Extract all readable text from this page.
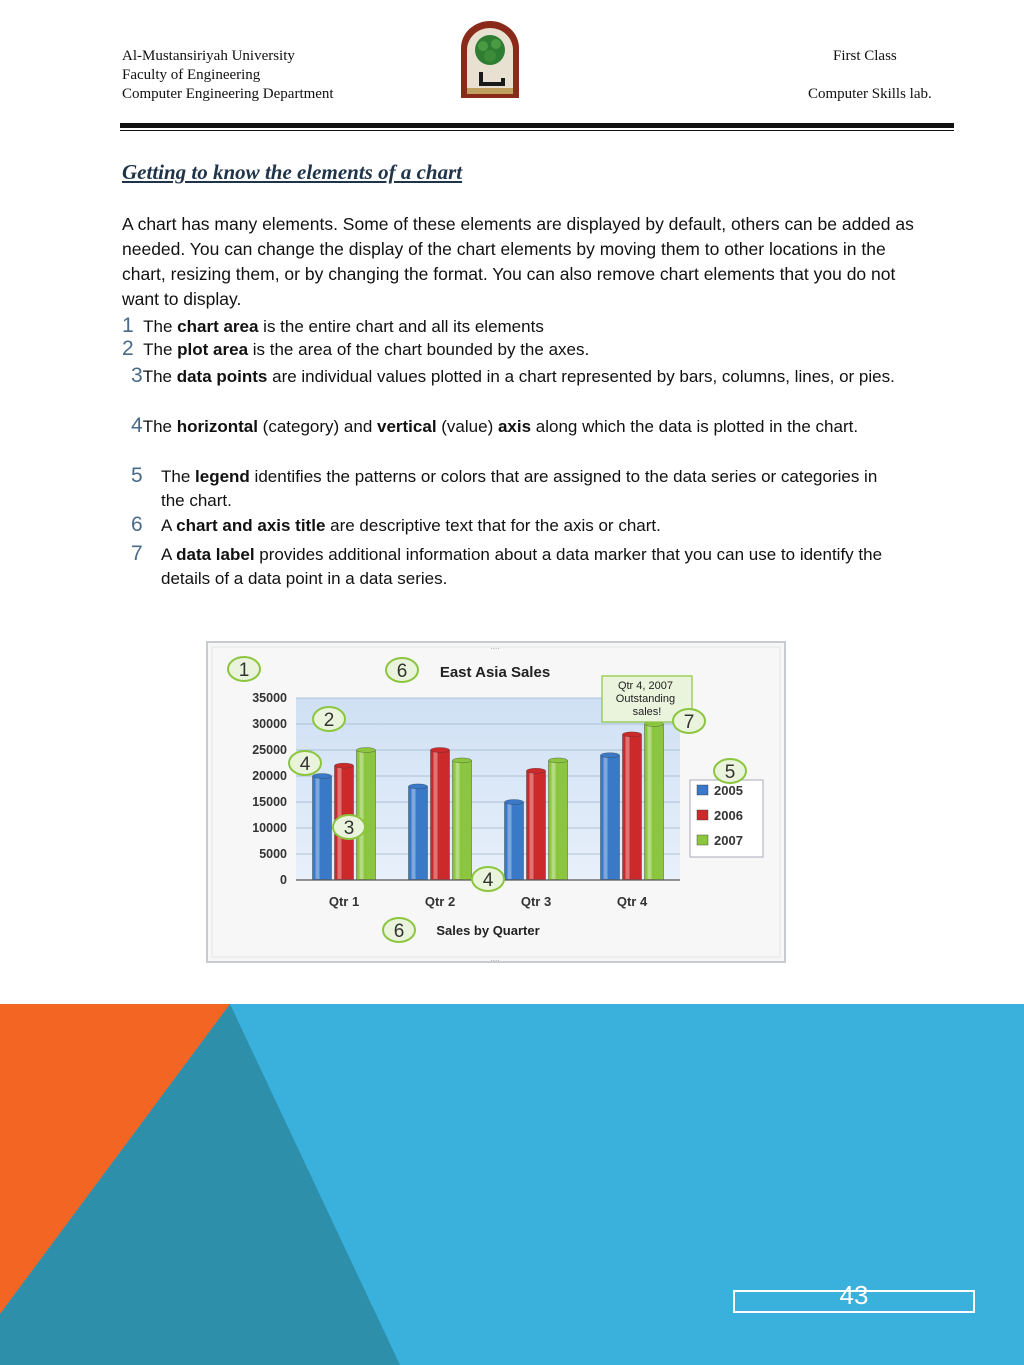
Al-Mustansiriyah University
Faculty of Engineering
Computer Engineering Department
First Class
Computer Skills lab.
Getting to know the elements of a chart
A chart has many elements. Some of these elements are displayed by default, others can be added as needed. You can change the display of the chart elements by moving them to other locations in the chart, resizing them, or by changing the format. You can also remove chart elements that you do not want to display.
1 The chart area is the entire chart and all its elements
2 The plot area is the area of the chart bounded by the axes.
3The data points are individual values plotted in a chart represented by bars, columns, lines, or pies.
4The horizontal (category) and vertical (value) axis along which the data is plotted in the chart.
5 The legend identifies the patterns or colors that are assigned to the data series or categories in the chart.
6 A chart and axis title are descriptive text that for the axis or chart.
7 A data label provides additional information about a data marker that you can use to identify the details of a data point in a data series.
0
5000
10000
15000
20000
25000
30000
35000
Qtr 1	Qtr 2	Qtr 3	Qtr 4
East Asia Sales
Sales by Quarter
Qtr 4, 2007 Outstanding sales!
2005
2006
2007
1
2
3
4
4
5
6
6
7
....
....
43
